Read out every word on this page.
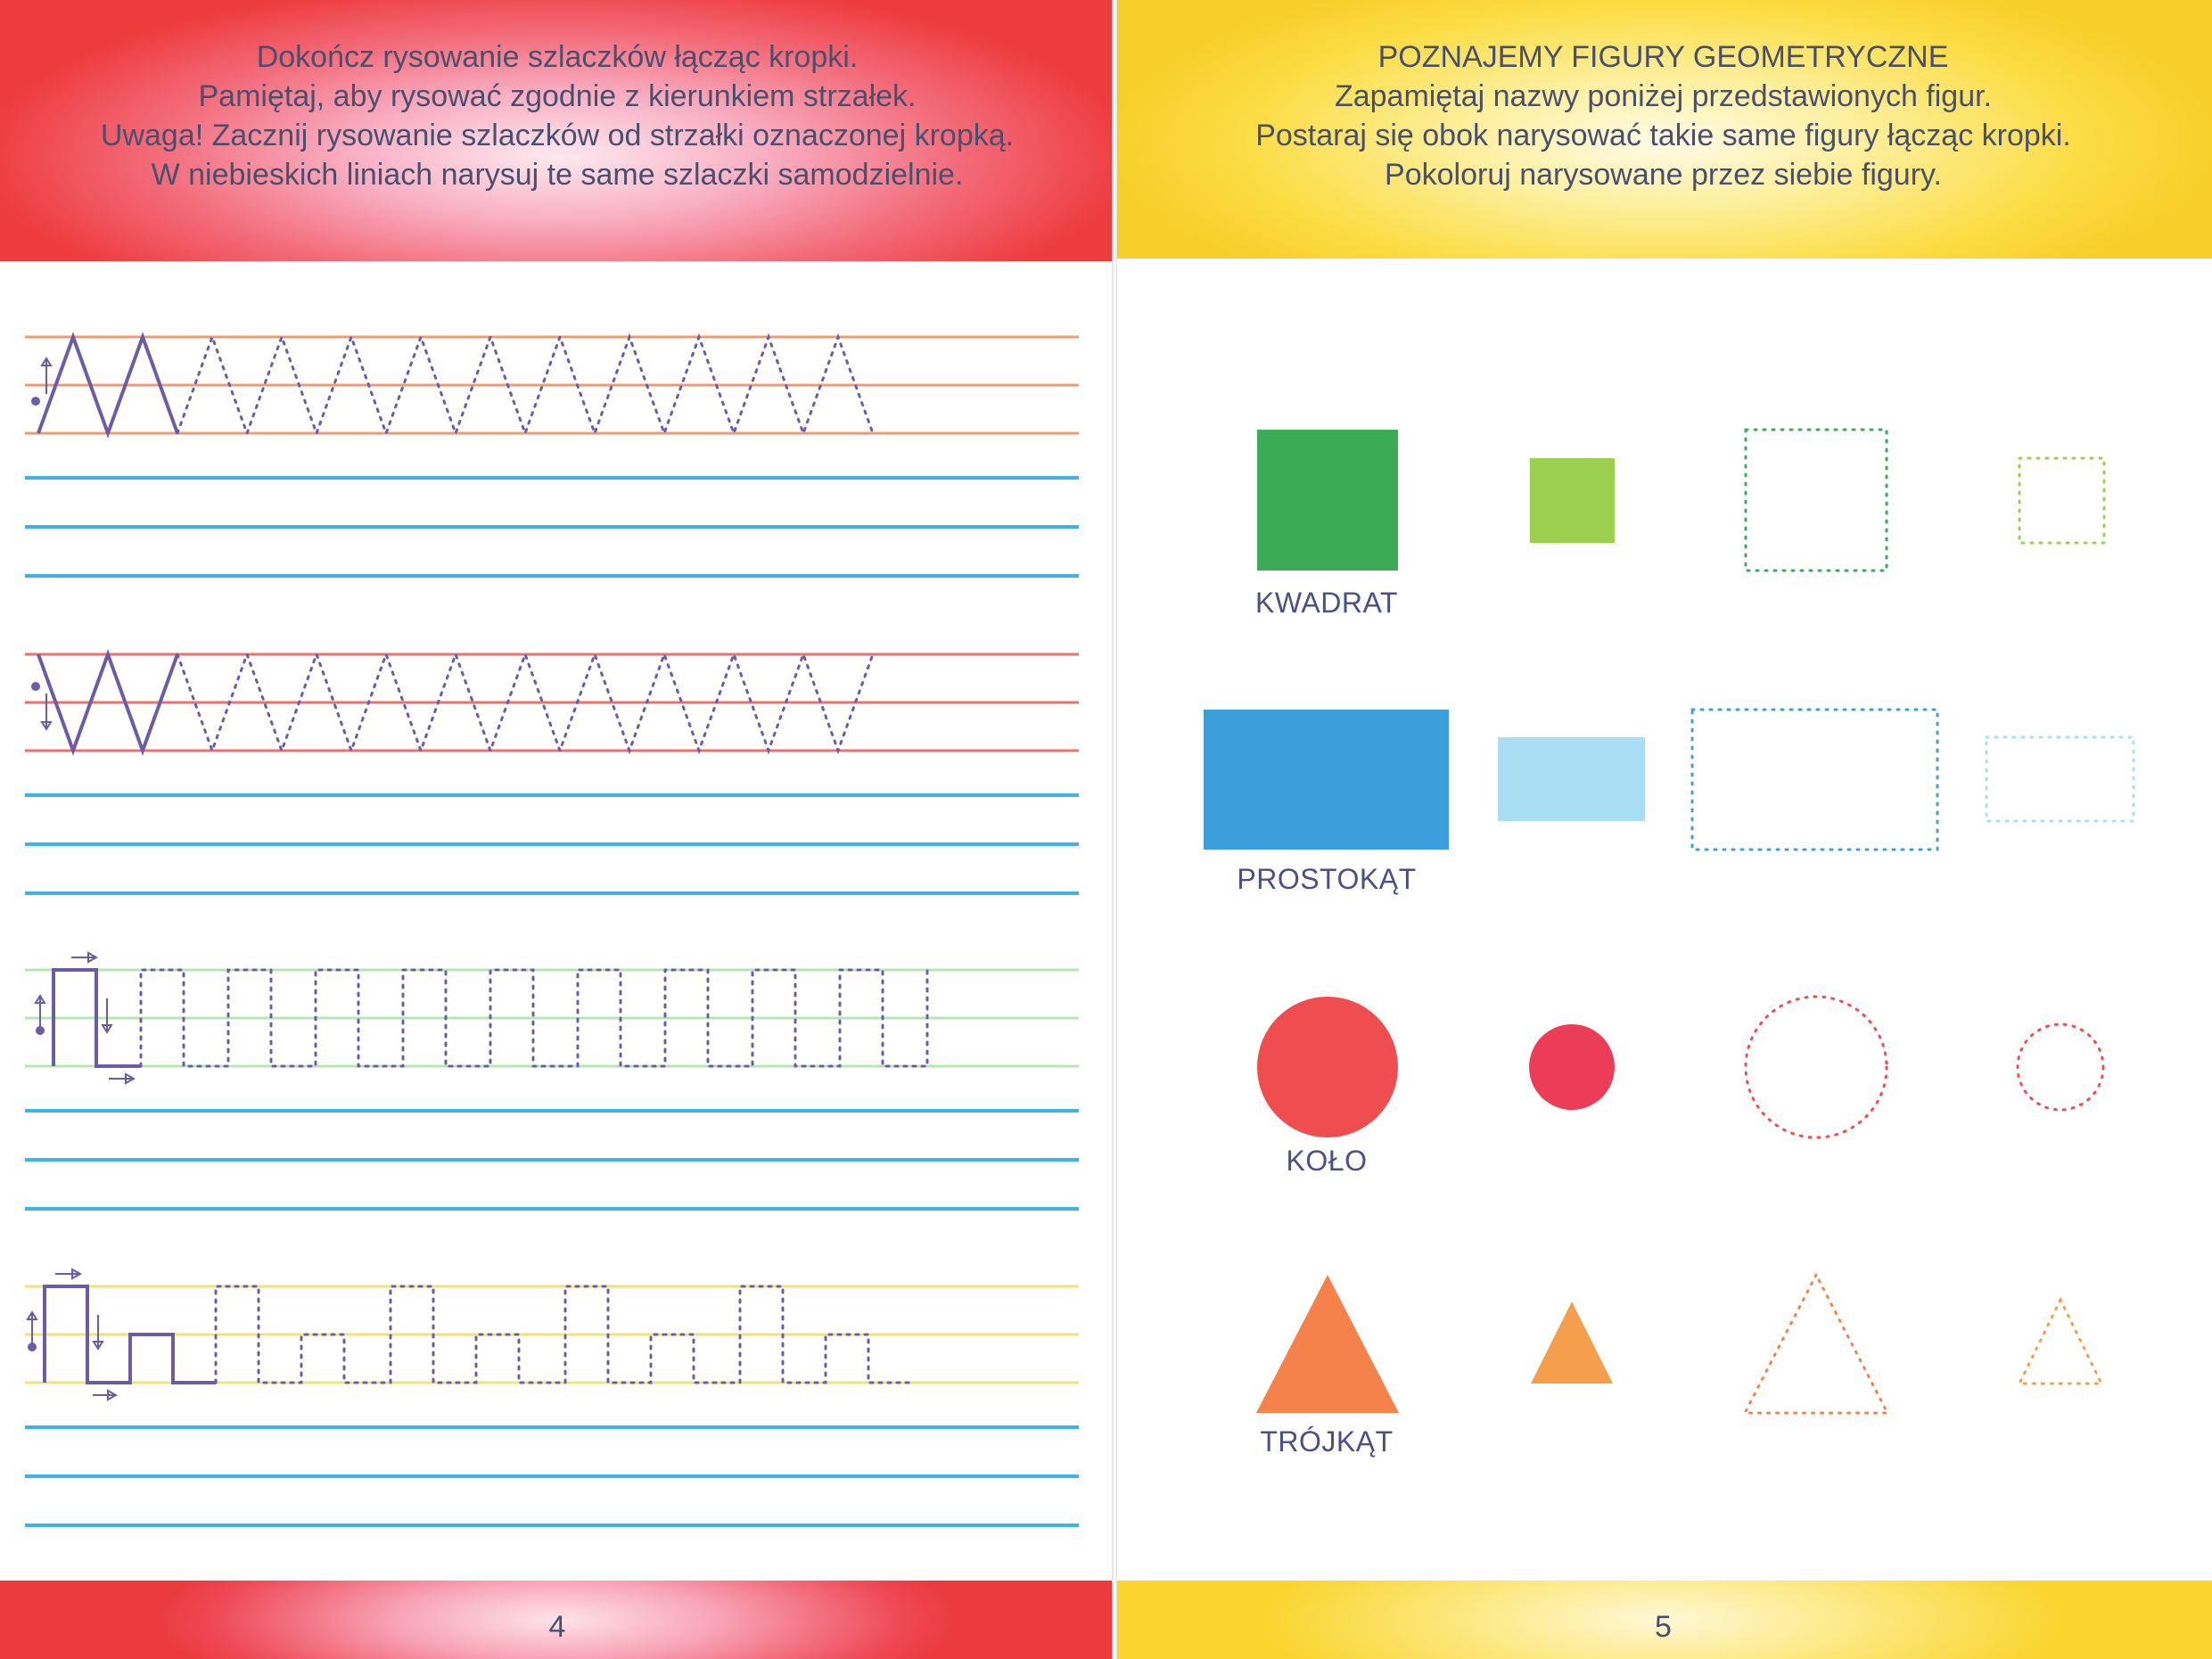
Dokończ rysowanie szlaczków łącząc kropki.
Pamiętaj, aby rysować zgodnie z kierunkiem strzałek.
Uwaga! Zacznij rysowanie szlaczków od strzałki oznaczonej kropką.
W niebieskich liniach narysuj te same szlaczki samodzielnie.
4
POZNAJEMY FIGURY GEOMETRYCZNE
Zapamiętaj nazwy poniżej przedstawionych figur.
Postaraj się obok narysować takie same figury łącząc kropki.
Pokoloruj narysowane przez siebie figury.
KWADRAT
PROSTOKĄT
KOŁO
TRÓJKĄT
5
